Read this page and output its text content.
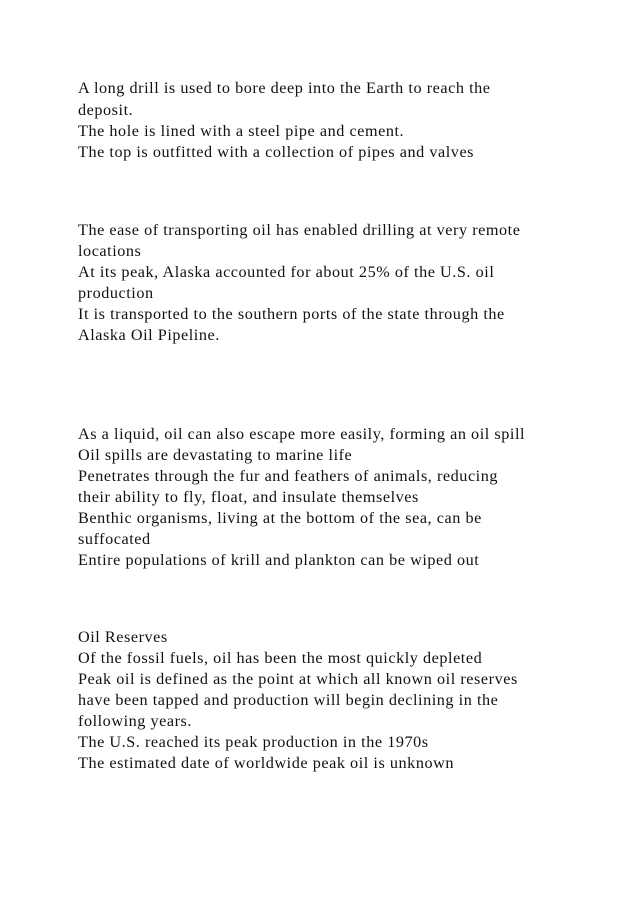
A long drill is used to bore deep into the Earth to reach the

deposit.

The hole is lined with a steel pipe and cement.

The top is outfitted with a collection of pipes and valves

The ease of transporting oil has enabled drilling at very remote

locations

At its peak, Alaska accounted for about 25% of the U.S. oil

production

It is transported to the southern ports of the state through the

Alaska Oil Pipeline.

As a liquid, oil can also escape more easily, forming an oil spill

Oil spills are devastating to marine life

Penetrates through the fur and feathers of animals, reducing

their ability to fly, float, and insulate themselves

Benthic organisms, living at the bottom of the sea, can be

suffocated

Entire populations of krill and plankton can be wiped out

Oil Reserves

Of the fossil fuels, oil has been the most quickly depleted

Peak oil is defined as the point at which all known oil reserves

have been tapped and production will begin declining in the

following years.

The U.S. reached its peak production in the 1970s

The estimated date of worldwide peak oil is unknown
